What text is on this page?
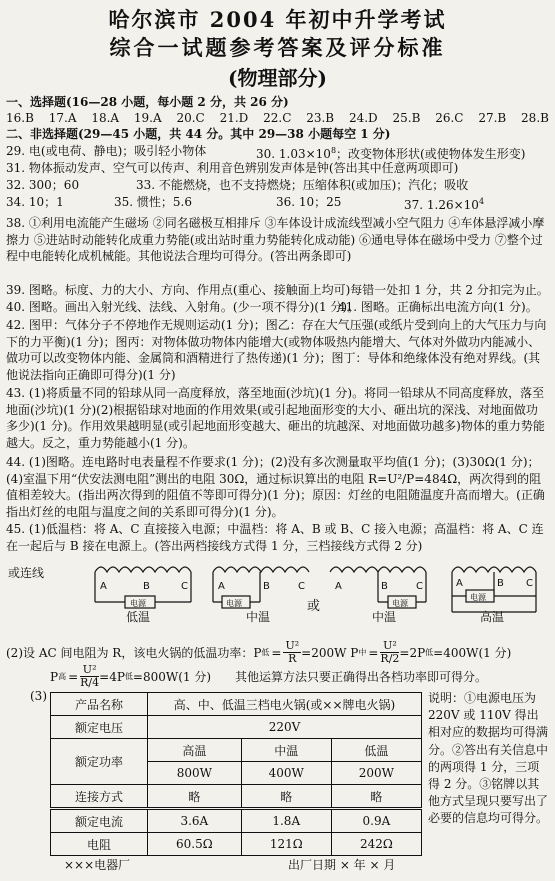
哈尔滨市 2004 年初中升学考试
综合一试题参考答案及评分标准
(物理部分)
一、选择题(16—28 小题，每小题 2 分，共 26 分)
16.B 17.A 18.A 19.A 20.C 21.D 22.C 23.B 24.D 25.B 26.C 27.B 28.B
二、非选择题(29—45 小题，共 44 分。其中 29—38 小题每空 1 分)
29. 电(或电荷、静电)；吸引轻小物体	30. $1.03\times 10^8$；改变物体形状(或使物体发生形变)
31. 物体振动发声、空气可以传声、利用音色辨别发声体是钟(答出其中任意两项即可)
32. 300；60	33. 不能燃烧，也不支持燃烧；压缩体积(或加压)；汽化；吸收
34. 10；1	35. 惯性；5.6	36. 10；25	37. $1.26\times 10^4$
38. ①利用电流能产生磁场 ②同名磁极互相排斥 ③车体设计成流线型减小空气阻力 ④车体悬浮减小摩擦力 ⑤进站时动能转化成重力势能(或出站时重力势能转化成动能) ⑥通电导体在磁场中受力 ⑦整个过程中电能转化成机械能。其他说法合理均可得分。(答出两条即可)
39. 图略。标度、力的大小、方向、作用点(重心、接触面上均可)每错一处扣 1 分，共 2 分扣完为止。
40. 图略。画出入射光线、法线、入射角。(少一项不得分)(1 分)。
41. 图略。正确标出电流方向(1 分)。
42. 图甲：气体分子不停地作无规则运动(1 分)；图乙：存在大气压强(或纸片受到向上的大气压力与向下的力平衡)(1 分)；图丙：对物体做功物体内能增大(或物体吸热内能增大、气体对外做功内能减小、做功可以改变物体内能、金属筒和酒精进行了热传递)(1 分)；图丁：导体和绝缘体没有绝对界线。(其他说法指向正确即可得分)(1 分)
43. (1)将质量不同的铅球从同一高度释放，落至地面(沙坑)(1 分)。将同一铅球从不同高度释放，落至地面(沙坑)(1 分)(2)根据铅球对地面的作用效果(或引起地面形变的大小、砸出坑的深浅、对地面做功多少)(1 分)。作用效果越明显(或引起地面形变越大、砸出的坑越深、对地面做功越多)物体的重力势能越大。反之，重力势能越小(1 分)。
44. (1)图略。连电路时电表量程不作要求(1 分)；(2)没有多次测量取平均值(1 分)；(3)30Ω(1 分)；(4)室温下用“伏安法测电阻”测出的电阻 30Ω，通过标识算出的电阻 R=U²/P=484Ω，两次得到的阻值相差较大。(指出两次得到的阻值不等即可得分)(1 分)；原因：灯丝的电阻随温度升高而增大。(正确指出灯丝的电阻与温度之间的关系即可得分)(1 分)。
45. (1)低温档：将 A、C 直接接入电源；中温档：将 A、B 或 B、C 接入电源；高温档：将 A、C 连在一起后与 B 接在电源上。(答出两档接线方式得 1 分，三档接线方式得 2 分)
或连线
A	B	C	A	B	C	A	B	C	A	B C
电源	电源	电源
电源
或
低温	中温	中温	高温
(2)设 AC 间电阻为 R，该电火锅的低温功率：P 低 = $\frac{\text{U²}}{R} =200W$ P 中 = $\frac{\text{U²}}{R/2} =2P$ 低 =400W(1 分)
P 高 = $\frac{\text{U²}}{R/4} =4P$ 低 =800W(1 分) 其他运算方法只要正确得出各档功率即可得分。
(3)
产品名称	高、中、低温三档电火锅(或××牌电火锅)		
额定电压	220V		
额定功率	高温	中温	低温
	800W	400W	200W
连接方式	略	略	略
额定电流	3.6A	1.8A	0.9A
电阻	60.5Ω	121Ω	242Ω
说明：①电源电压为 220V 或 110V 得出相对应的数据均可得满分。②答出有关信息中的两项得 1 分，三项得 2 分。③铭牌以其他方式呈现只要写出了必要的信息均可得分。
×××电器厂	出厂日期 × 年 × 月
